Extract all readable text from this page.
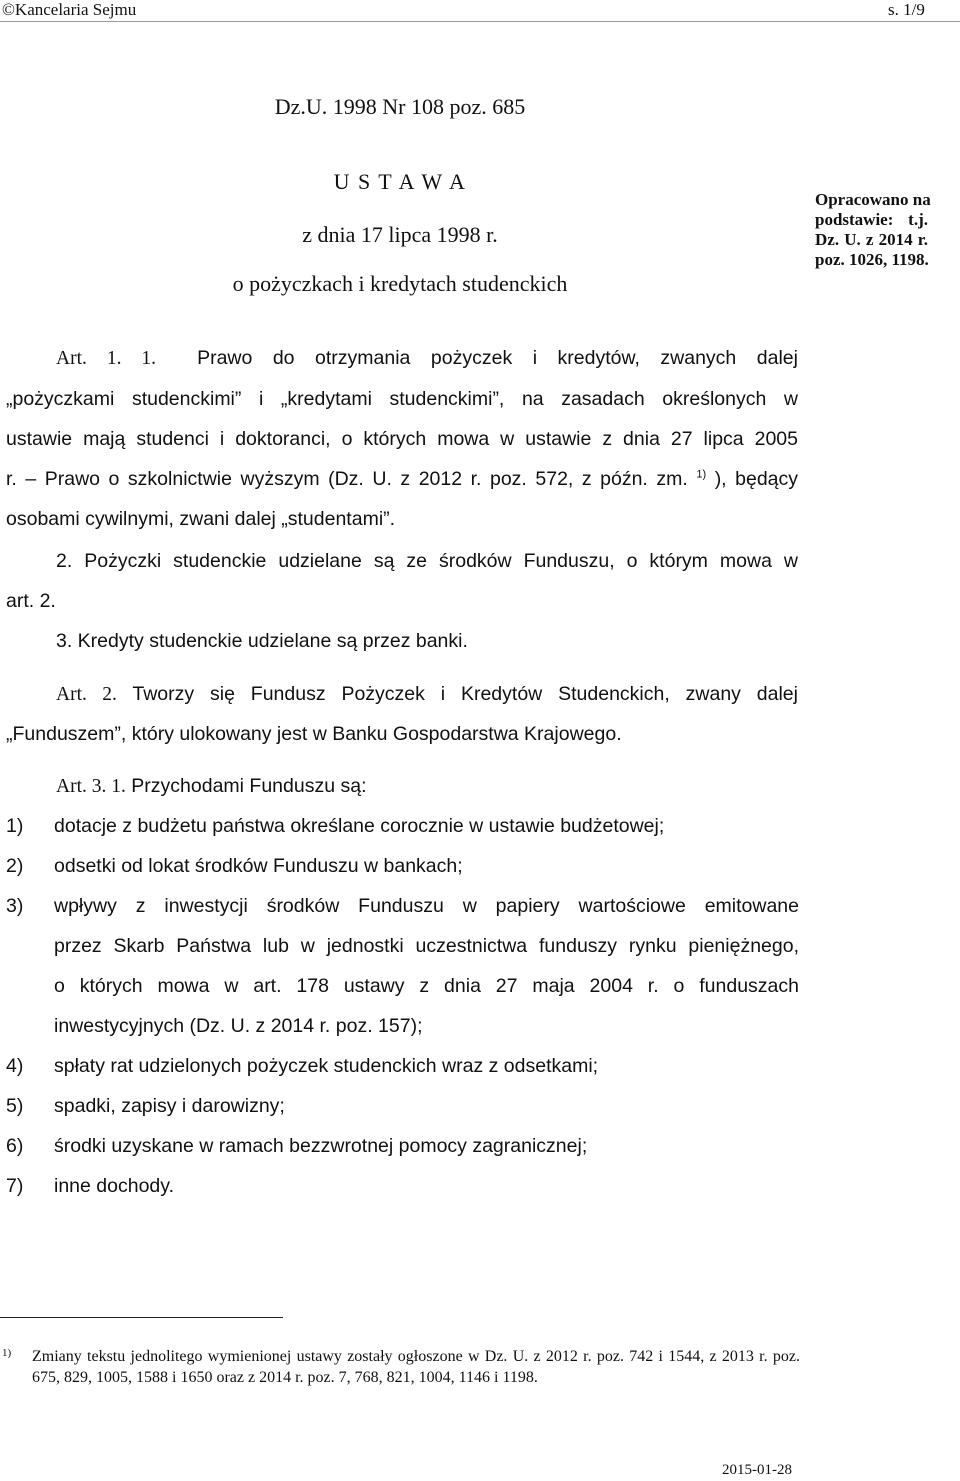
©Kancelaria Sejmu	s. 1/9
Dz.U. 1998 Nr 108 poz. 685
U S T A W A
z dnia 17 lipca 1998 r.
o pożyczkach i kredytach studenckich
Opracowano na
podstawie: t.j.
Dz. U. z 2014 r.
poz. 1026, 1198.
Art. 1. 1. Prawo do otrzymania pożyczek i kredytów, zwanych dalej
„pożyczkami studenckimi” i „kredytami studenckimi”, na zasadach określonych w
ustawie mają studenci i doktoranci, o których mowa w ustawie z dnia 27 lipca 2005
r. – Prawo o szkolnictwie wyższym (Dz. U. z 2012 r. poz. 572, z późn. zm. $^{1)}$ ), będący
osobami cywilnymi, zwani dalej „studentami”.
2. Pożyczki studenckie udzielane są ze środków Funduszu, o którym mowa w
art. 2.
3. Kredyty studenckie udzielane są przez banki.
Art. 2. Tworzy się Fundusz Pożyczek i Kredytów Studenckich, zwany dalej
„Funduszem”, który ulokowany jest w Banku Gospodarstwa Krajowego.
Art. 3. 1. Przychodami Funduszu są:
1) dotacje z budżetu państwa określane corocznie w ustawie budżetowej;
2) odsetki od lokat środków Funduszu w bankach;
3) wpływy z inwestycji środków Funduszu w papiery wartościowe emitowane
przez Skarb Państwa lub w jednostki uczestnictwa funduszy rynku pieniężnego,
o których mowa w art. 178 ustawy z dnia 27 maja 2004 r. o funduszach
inwestycyjnych (Dz. U. z 2014 r. poz. 157);
4) spłaty rat udzielonych pożyczek studenckich wraz z odsetkami;
5) spadki, zapisy i darowizny;
6) środki uzyskane w ramach bezzwrotnej pomocy zagranicznej;
7) inne dochody.
1) Zmiany tekstu jednolitego wymienionej ustawy zostały ogłoszone w Dz. U. z 2012 r. poz. 742 i 1544, z 2013 r. poz. 675, 829, 1005, 1588 i 1650 oraz z 2014 r. poz. 7, 768, 821, 1004, 1146 i 1198.
2015-01-28
